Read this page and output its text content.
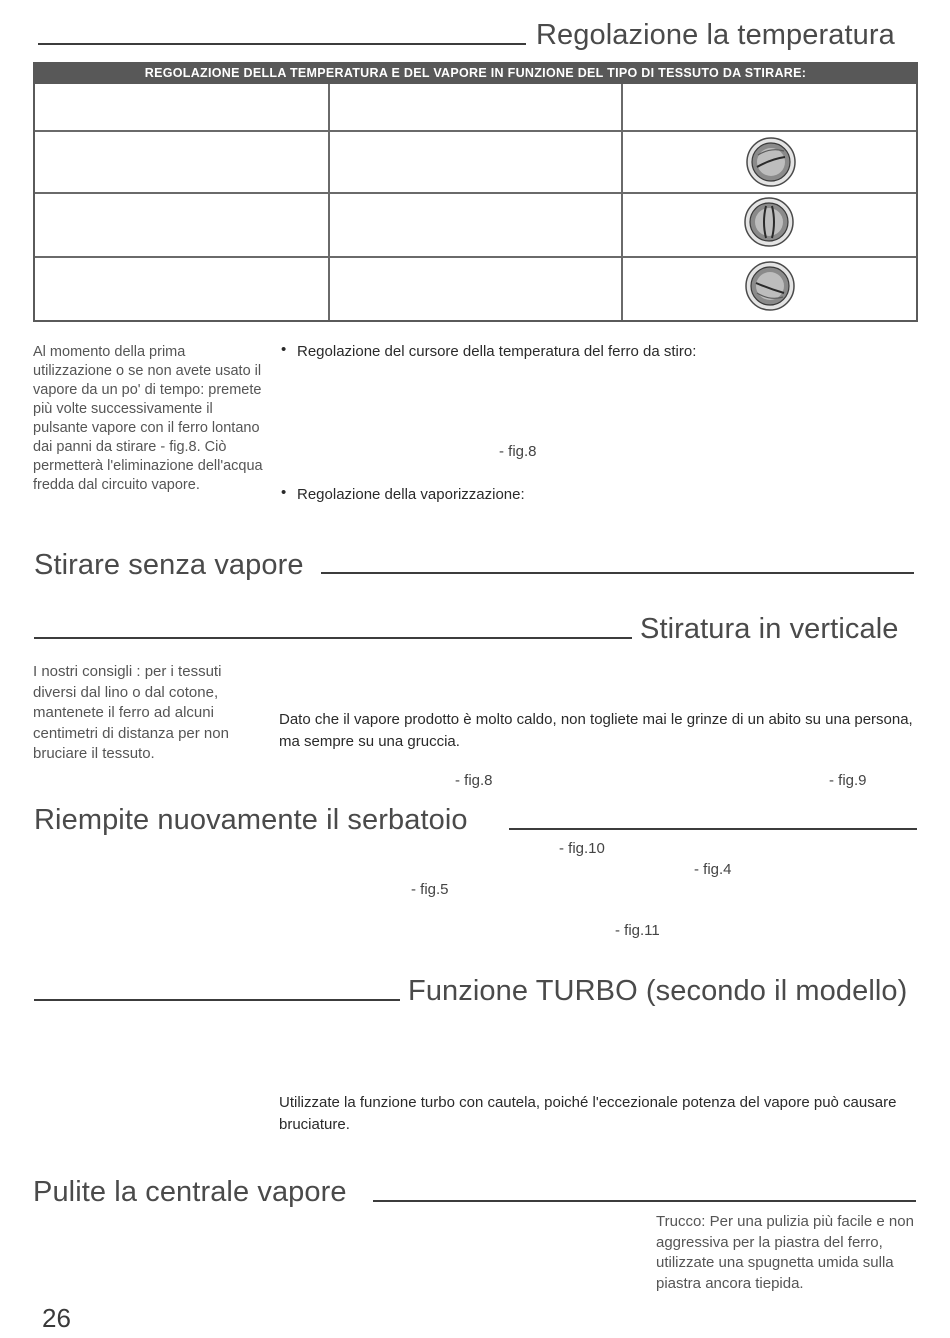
Regolazione la temperatura
REGOLAZIONE DELLA TEMPERATURA E DEL VAPORE IN FUNZIONE DEL TIPO DI TESSUTO DA STIRARE:
Al momento della prima utilizzazione o se non avete usato il vapore da un po' di tempo: premete più volte successivamente il pulsante vapore con il ferro lontano dai panni da stirare - fig.8. Ciò permetterà l'eliminazione dell'acqua fredda dal circuito vapore.
• Regolazione del cursore della temperatura del ferro da stiro:
- fig.8
• Regolazione della vaporizzazione:
Stirare senza vapore
Stiratura in verticale
I nostri consigli : per i tessuti diversi dal lino o dal cotone, mantenete il ferro ad alcuni centimetri di distanza per non bruciare il tessuto.
Dato che il vapore prodotto è molto caldo, non togliete mai le grinze di un abito su una persona, ma sempre su una gruccia.
- fig.8	- fig.9
Riempite nuovamente il serbatoio
- fig.10
- fig.4
- fig.5
- fig.11
Funzione TURBO (secondo il modello)
Utilizzate la funzione turbo con cautela, poiché l'eccezionale potenza del vapore può causare bruciature.
Pulite la centrale vapore
Trucco: Per una pulizia più facile e non aggressiva per la piastra del ferro, utilizzate una spugnetta umida sulla piastra ancora tiepida.
26
